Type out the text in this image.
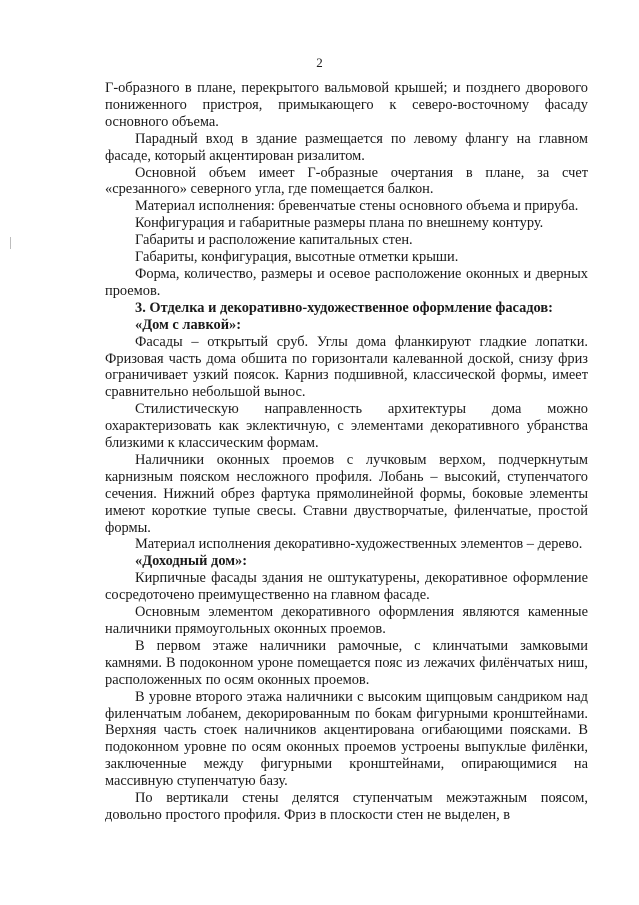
2

Г-образного в плане, перекрытого вальмовой крышей; и позднего дворового пониженного пристроя, примыкающего к северо-восточному фасаду основного объема.

Парадный вход в здание размещается по левому флангу на главном фасаде, который акцентирован ризалитом.

Основной объем имеет Г-образные очертания в плане, за счет «срезанного» северного угла, где помещается балкон.

Материал исполнения: бревенчатые стены основного объема и прируба.

Конфигурация и габаритные размеры плана по внешнему контуру.

Габариты и расположение капитальных стен.

Габариты, конфигурация, высотные отметки крыши.

Форма, количество, размеры и осевое расположение оконных и дверных проемов.

3. Отделка и декоративно-художественное оформление фасадов:

«Дом с лавкой»:

Фасады – открытый сруб. Углы дома фланкируют гладкие лопатки. Фризовая часть дома обшита по горизонтали калеванной доской, снизу фриз ограничивает узкий поясок. Карниз подшивной, классической формы, имеет сравнительно небольшой вынос.

Стилистическую направленность архитектуры дома можно охарактеризовать как эклектичную, с элементами декоративного убранства близкими к классическим формам.

Наличники оконных проемов с лучковым верхом, подчеркнутым карнизным пояском несложного профиля. Лобань – высокий, ступенчатого сечения. Нижний обрез фартука прямолинейной формы, боковые элементы имеют короткие тупые свесы. Ставни двустворчатые, филенчатые, простой формы.

Материал исполнения декоративно-художественных элементов – дерево.

«Доходный дом»:

Кирпичные фасады здания не оштукатурены, декоративное оформление сосредоточено преимущественно на главном фасаде.

Основным элементом декоративного оформления являются каменные наличники прямоугольных оконных проемов.

В первом этаже наличники рамочные, с клинчатыми замковыми камнями. В подоконном уроне помещается пояс из лежачих филёнчатых ниш, расположенных по осям оконных проемов.

В уровне второго этажа наличники с высоким щипцовым сандриком над филенчатым лобанем, декорированным по бокам фигурными кронштейнами. Верхняя часть стоек наличников акцентирована огибающими поясками. В подоконном уровне по осям оконных проемов устроены выпуклые филёнки, заключенные между фигурными кронштейнами, опирающимися на массивную ступенчатую базу.

По вертикали стены делятся ступенчатым межэтажным поясом, довольно простого профиля. Фриз в плоскости стен не выделен, в
